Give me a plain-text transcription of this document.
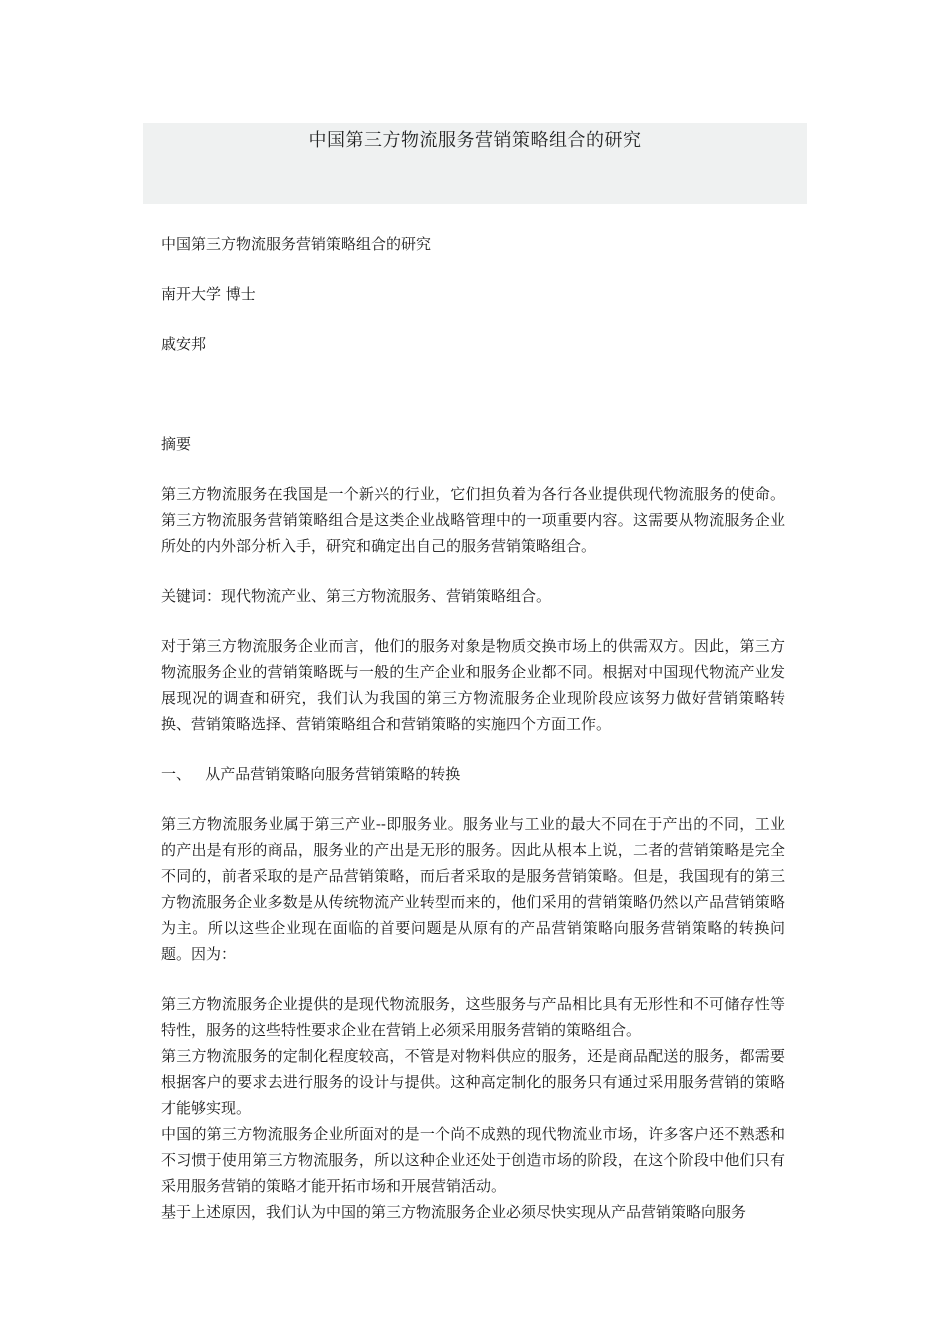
中国第三方物流服务营销策略组合的研究

中国第三方物流服务营销策略组合的研究

南开大学 博士

戚安邦

摘要

第三方物流服务在我国是一个新兴的行业，它们担负着为各行各业提供现代物流服务的使命。第三方物流服务营销策略组合是这类企业战略管理中的一项重要内容。这需要从物流服务企业所处的内外部分析入手，研究和确定出自己的服务营销策略组合。

关键词：现代物流产业、第三方物流服务、营销策略组合。

对于第三方物流服务企业而言，他们的服务对象是物质交换市场上的供需双方。因此，第三方物流服务企业的营销策略既与一般的生产企业和服务企业都不同。根据对中国现代物流产业发展现况的调查和研究，我们认为我国的第三方物流服务企业现阶段应该努力做好营销策略转换、营销策略选择、营销策略组合和营销策略的实施四个方面工作。

一、   从产品营销策略向服务营销策略的转换

第三方物流服务业属于第三产业--即服务业。服务业与工业的最大不同在于产出的不同，工业的产出是有形的商品，服务业的产出是无形的服务。因此从根本上说，二者的营销策略是完全不同的，前者采取的是产品营销策略，而后者采取的是服务营销策略。但是，我国现有的第三方物流服务企业多数是从传统物流产业转型而来的，他们采用的营销策略仍然以产品营销策略为主。所以这些企业现在面临的首要问题是从原有的产品营销策略向服务营销策略的转换问题。因为：

第三方物流服务企业提供的是现代物流服务，这些服务与产品相比具有无形性和不可储存性等特性，服务的这些特性要求企业在营销上必须采用服务营销的策略组合。

第三方物流服务的定制化程度较高，不管是对物料供应的服务，还是商品配送的服务，都需要根据客户的要求去进行服务的设计与提供。这种高定制化的服务只有通过采用服务营销的策略才能够实现。

中国的第三方物流服务企业所面对的是一个尚不成熟的现代物流业市场，许多客户还不熟悉和不习惯于使用第三方物流服务，所以这种企业还处于创造市场的阶段，在这个阶段中他们只有采用服务营销的策略才能开拓市场和开展营销活动。

基于上述原因，我们认为中国的第三方物流服务企业必须尽快实现从产品营销策略向服务
